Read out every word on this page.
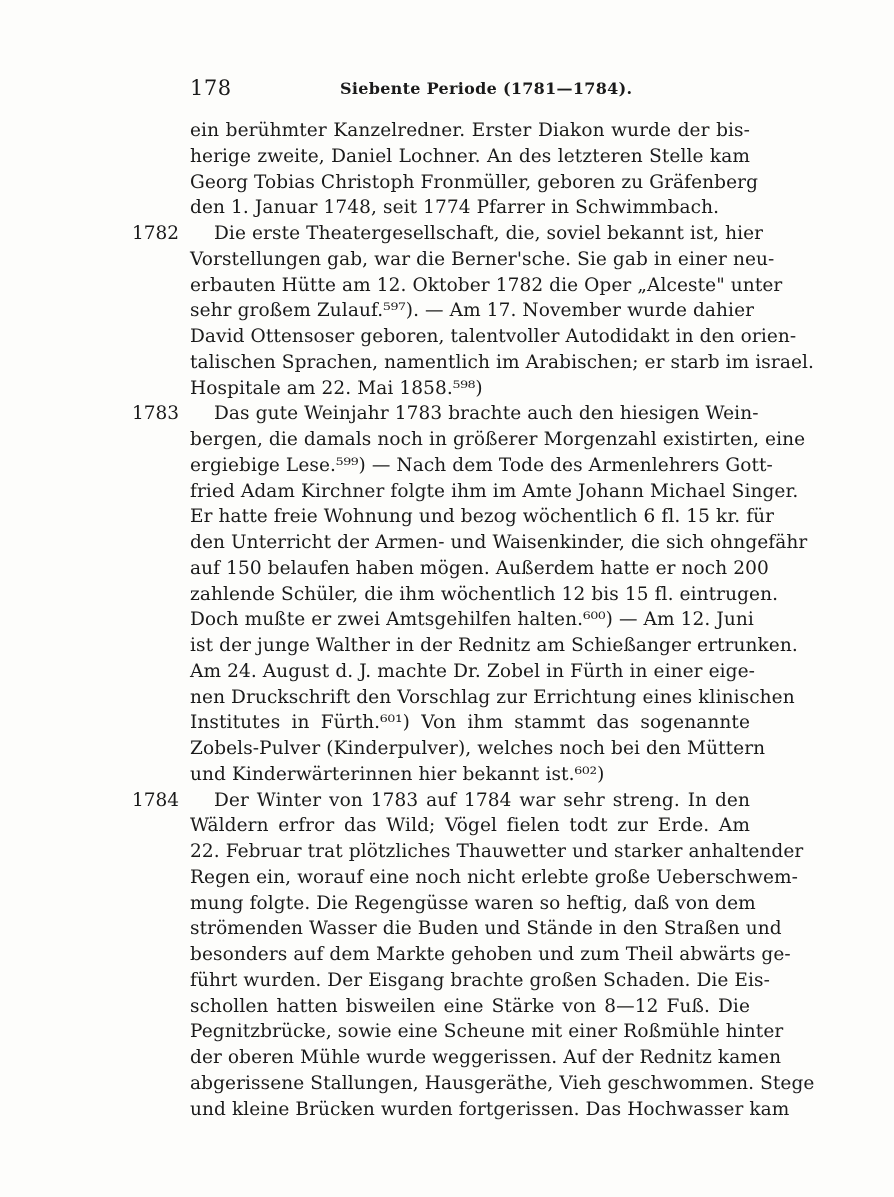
178	Siebente Periode (1781—1784).
ein berühmter Kanzelredner. Erster Diakon wurde der bis-
herige zweite, Daniel Lochner. An des letzteren Stelle kam
Georg Tobias Christoph Fronmüller, geboren zu Gräfenberg
den 1. Januar 1748, seit 1774 Pfarrer in Schwimmbach.
1782	Die erste Theatergesellschaft, die, soviel bekannt ist, hier
Vorstellungen gab, war die Berner'sche. Sie gab in einer neu-
erbauten Hütte am 12. Oktober 1782 die Oper „Alceste" unter
sehr großem Zulauf.⁵⁹⁷). — Am 17. November wurde dahier
David Ottensoser geboren, talentvoller Autodidakt in den orien-
talischen Sprachen, namentlich im Arabischen; er starb im israel.
Hospitale am 22. Mai 1858.⁵⁹⁸)
1783	Das gute Weinjahr 1783 brachte auch den hiesigen Wein-
bergen, die damals noch in größerer Morgenzahl existirten, eine
ergiebige Lese.⁵⁹⁹) — Nach dem Tode des Armenlehrers Gott-
fried Adam Kirchner folgte ihm im Amte Johann Michael Singer.
Er hatte freie Wohnung und bezog wöchentlich 6 fl. 15 kr. für
den Unterricht der Armen- und Waisenkinder, die sich ohngefähr
auf 150 belaufen haben mögen. Außerdem hatte er noch 200
zahlende Schüler, die ihm wöchentlich 12 bis 15 fl. eintrugen.
Doch mußte er zwei Amtsgehilfen halten.⁶⁰⁰) — Am 12. Juni
ist der junge Walther in der Rednitz am Schießanger ertrunken.
Am 24. August d. J. machte Dr. Zobel in Fürth in einer eige-
nen Druckschrift den Vorschlag zur Errichtung eines klinischen
Institutes in Fürth.⁶⁰¹) Von ihm stammt das sogenannte
Zobels-Pulver (Kinderpulver), welches noch bei den Müttern
und Kinderwärterinnen hier bekannt ist.⁶⁰²)
1784	Der Winter von 1783 auf 1784 war sehr streng. In den
Wäldern erfror das Wild; Vögel fielen todt zur Erde. Am
22. Februar trat plötzliches Thauwetter und starker anhaltender
Regen ein, worauf eine noch nicht erlebte große Ueberschwem-
mung folgte. Die Regengüsse waren so heftig, daß von dem
strömenden Wasser die Buden und Stände in den Straßen und
besonders auf dem Markte gehoben und zum Theil abwärts ge-
führt wurden. Der Eisgang brachte großen Schaden. Die Eis-
schollen hatten bisweilen eine Stärke von 8—12 Fuß. Die
Pegnitzbrücke, sowie eine Scheune mit einer Roßmühle hinter
der oberen Mühle wurde weggerissen. Auf der Rednitz kamen
abgerissene Stallungen, Hausgeräthe, Vieh geschwommen. Stege
und kleine Brücken wurden fortgerissen. Das Hochwasser kam
